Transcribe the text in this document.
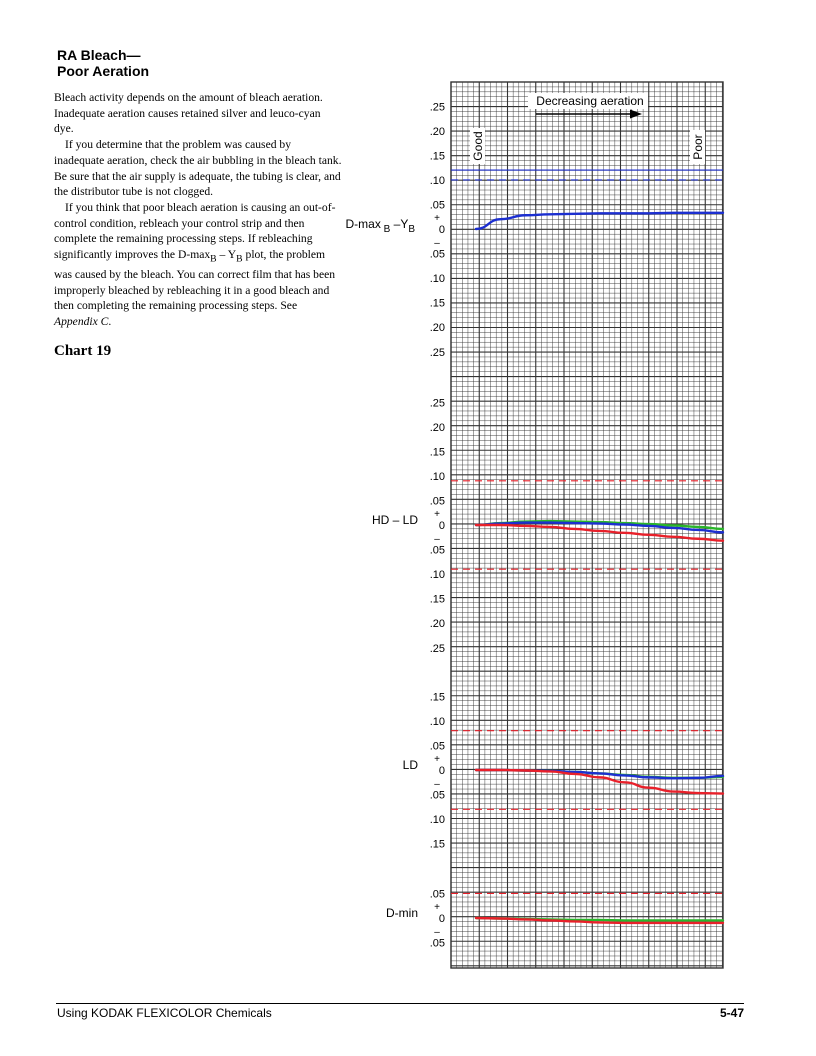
RA Bleach—
Poor Aeration

Bleach activity depends on the amount of bleach aeration. Inadequate aeration causes retained silver and leuco-cyan dye.

If you determine that the problem was caused by inadequate aeration, check the air bubbling in the bleach tank. Be sure that the air supply is adequate, the tubing is clear, and the distributor tube is not clogged.

If you think that poor bleach aeration is causing an out-of-control condition, rebleach your control strip and then complete the remaining processing steps. If rebleaching significantly improves the $D-\max_B - Y_B$ plot, the problem was caused by the bleach. You can correct film that has been improperly bleached by rebleaching it in a good bleach and then completing the remaining processing steps. See Appendix C.

Chart 19
Decreasing aeration
Good	Poor
.25
.20
.15
.10
.05
.05
.10
.15
.20
.25
+
0
–
D-max $_B$ $-Y_B$
.25
.20
.15
.10
.05
.05
.10
.15
.20
.25
+
0
–
HD – LD
.15
.10
.05
.05
.10
.15
+
0
–
LD
.05
.05
+
0
–
D-min
Using KODAK FLEXICOLOR Chemicals	5-47
